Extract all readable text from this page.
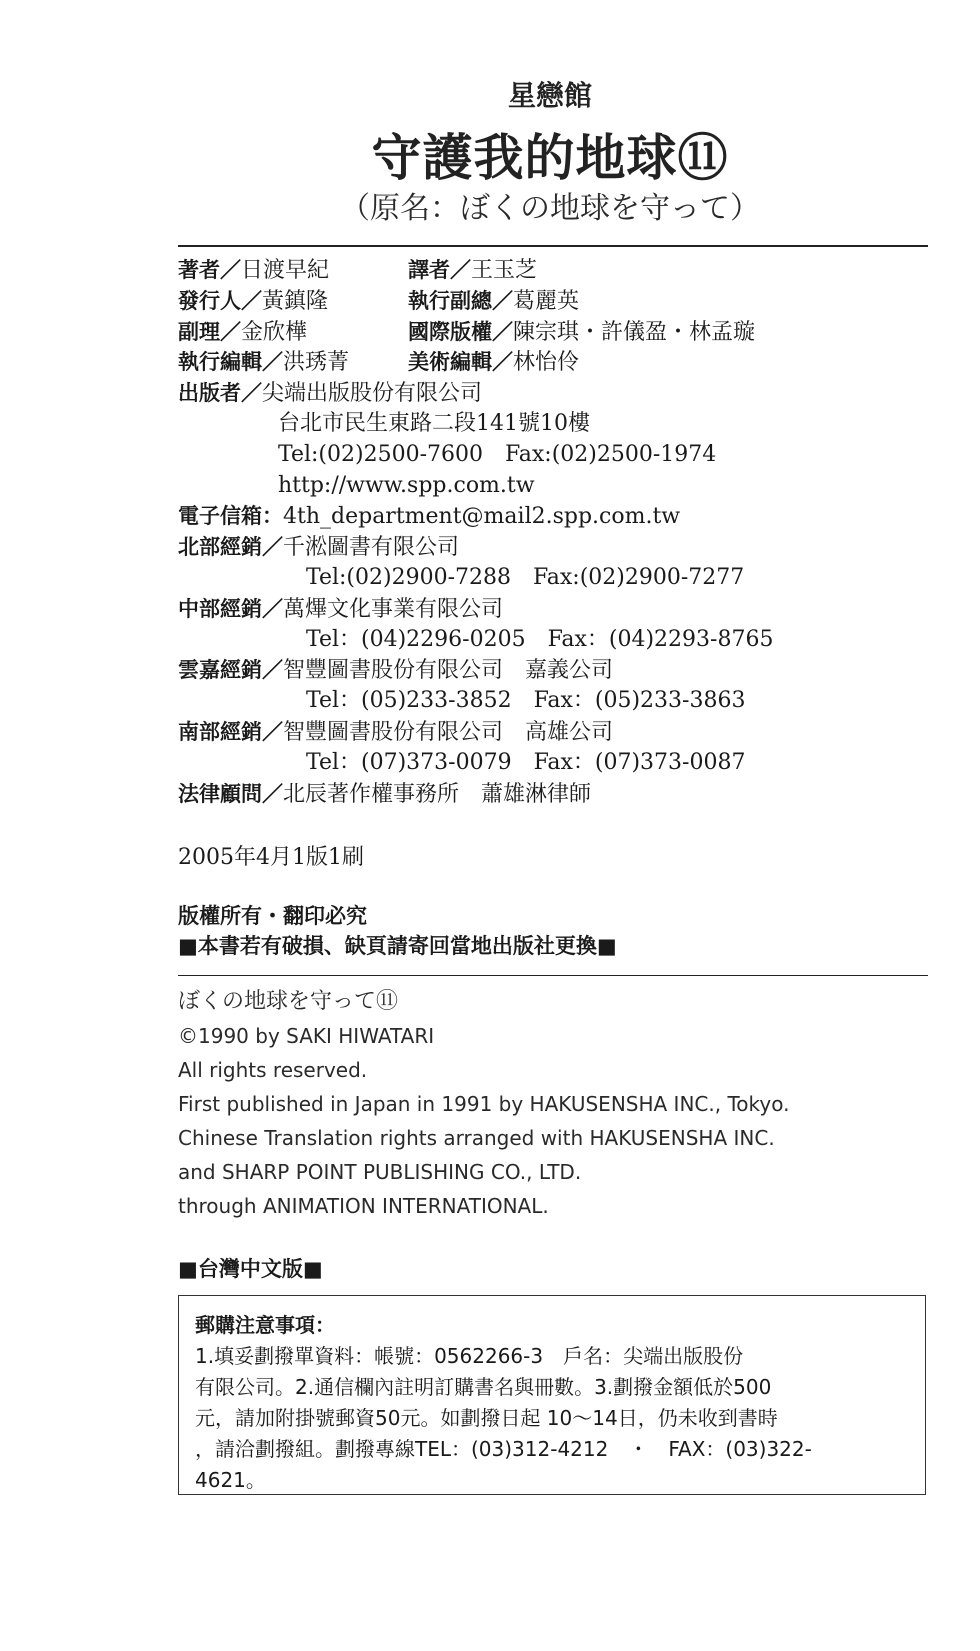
星戀館
守護我的地球⑪
（原名：ぼくの地球を守って）
著者／日渡早紀	譯者／王玉芝
發行人／黃鎮隆	執行副總／葛麗英
副理／金欣樺	國際版權／陳宗琪・許儀盈・林孟璇
執行編輯／洪琇菁	美術編輯／林怡伶
出版者／尖端出版股份有限公司
台北市民生東路二段141號10樓
Tel:(02)2500-7600　Fax:(02)2500-1974
http://www.spp.com.tw
電子信箱：4th_department@mail2.spp.com.tw
北部經銷／千淞圖書有限公司
Tel:(02)2900-7288　Fax:(02)2900-7277
中部經銷／萬熚文化事業有限公司
Tel：(04)2296-0205　Fax：(04)2293-8765
雲嘉經銷／智豐圖書股份有限公司　嘉義公司
Tel：(05)233-3852　Fax：(05)233-3863
南部經銷／智豐圖書股份有限公司　高雄公司
Tel：(07)373-0079　Fax：(07)373-0087
法律顧問／北辰著作權事務所　蕭雄淋律師
2005年4月1版1刷
版權所有・翻印必究
■本書若有破損、缺頁請寄回當地出版社更換■
ぼくの地球を守って⑪
©1990 by SAKI HIWATARI
All rights reserved.
First published in Japan in 1991 by HAKUSENSHA INC., Tokyo.
Chinese Translation rights arranged with HAKUSENSHA INC.
and SHARP POINT PUBLISHING CO., LTD.
through ANIMATION INTERNATIONAL.
■台灣中文版■
郵購注意事項：
1.填妥劃撥單資料：帳號：0562266-3　戶名：尖端出版股份
有限公司。2.通信欄內註明訂購書名與冊數。3.劃撥金額低於500
元，請加附掛號郵資50元。如劃撥日起 10～14日，仍未收到書時
，請洽劃撥組。劃撥專線TEL：(03)312-4212　・　FAX：(03)322-
4621。
